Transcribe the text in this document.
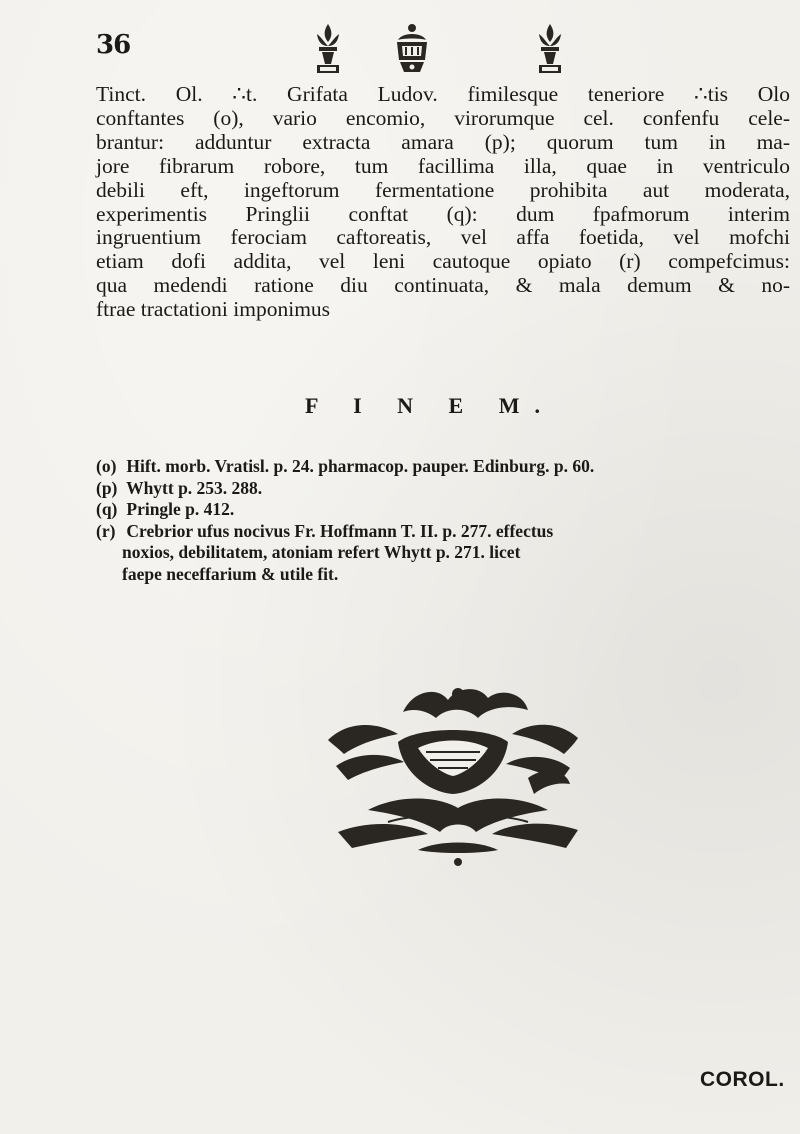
36
Tinct. Ol. ∴t. Grifata Ludov. fimilesque teneriore ∴tis Olo
conftantes (o), vario encomio, virorumque cel. confenfu cele-
brantur: adduntur extracta amara (p); quorum tum in ma-
jore fibrarum robore, tum facillima illa, quae in ventriculo
debili eft, ingeftorum fermentatione prohibita aut moderata,
experimentis Pringlii conftat (q): dum fpafmorum interim
ingruentium ferociam caftoreatis, vel affa foetida, vel mofchi
etiam dofi addita, vel leni cautoque opiato (r) compefcimus:
qua medendi ratione diu continuata, & mala demum & no-
ftrae tractationi imponimus
F I N E M.
(o) Hift. morb. Vratisl. p. 24. pharmacop. pauper. Edinburg. p. 60.
(p) Whytt p. 253. 288.
(q) Pringle p. 412.
(r) Crebrior ufus nocivus Fr. Hoffmann T. II. p. 277. effectus
noxios, debilitatem, atoniam refert Whytt p. 271. licet
faepe neceffarium & utile fit.
COROL.
